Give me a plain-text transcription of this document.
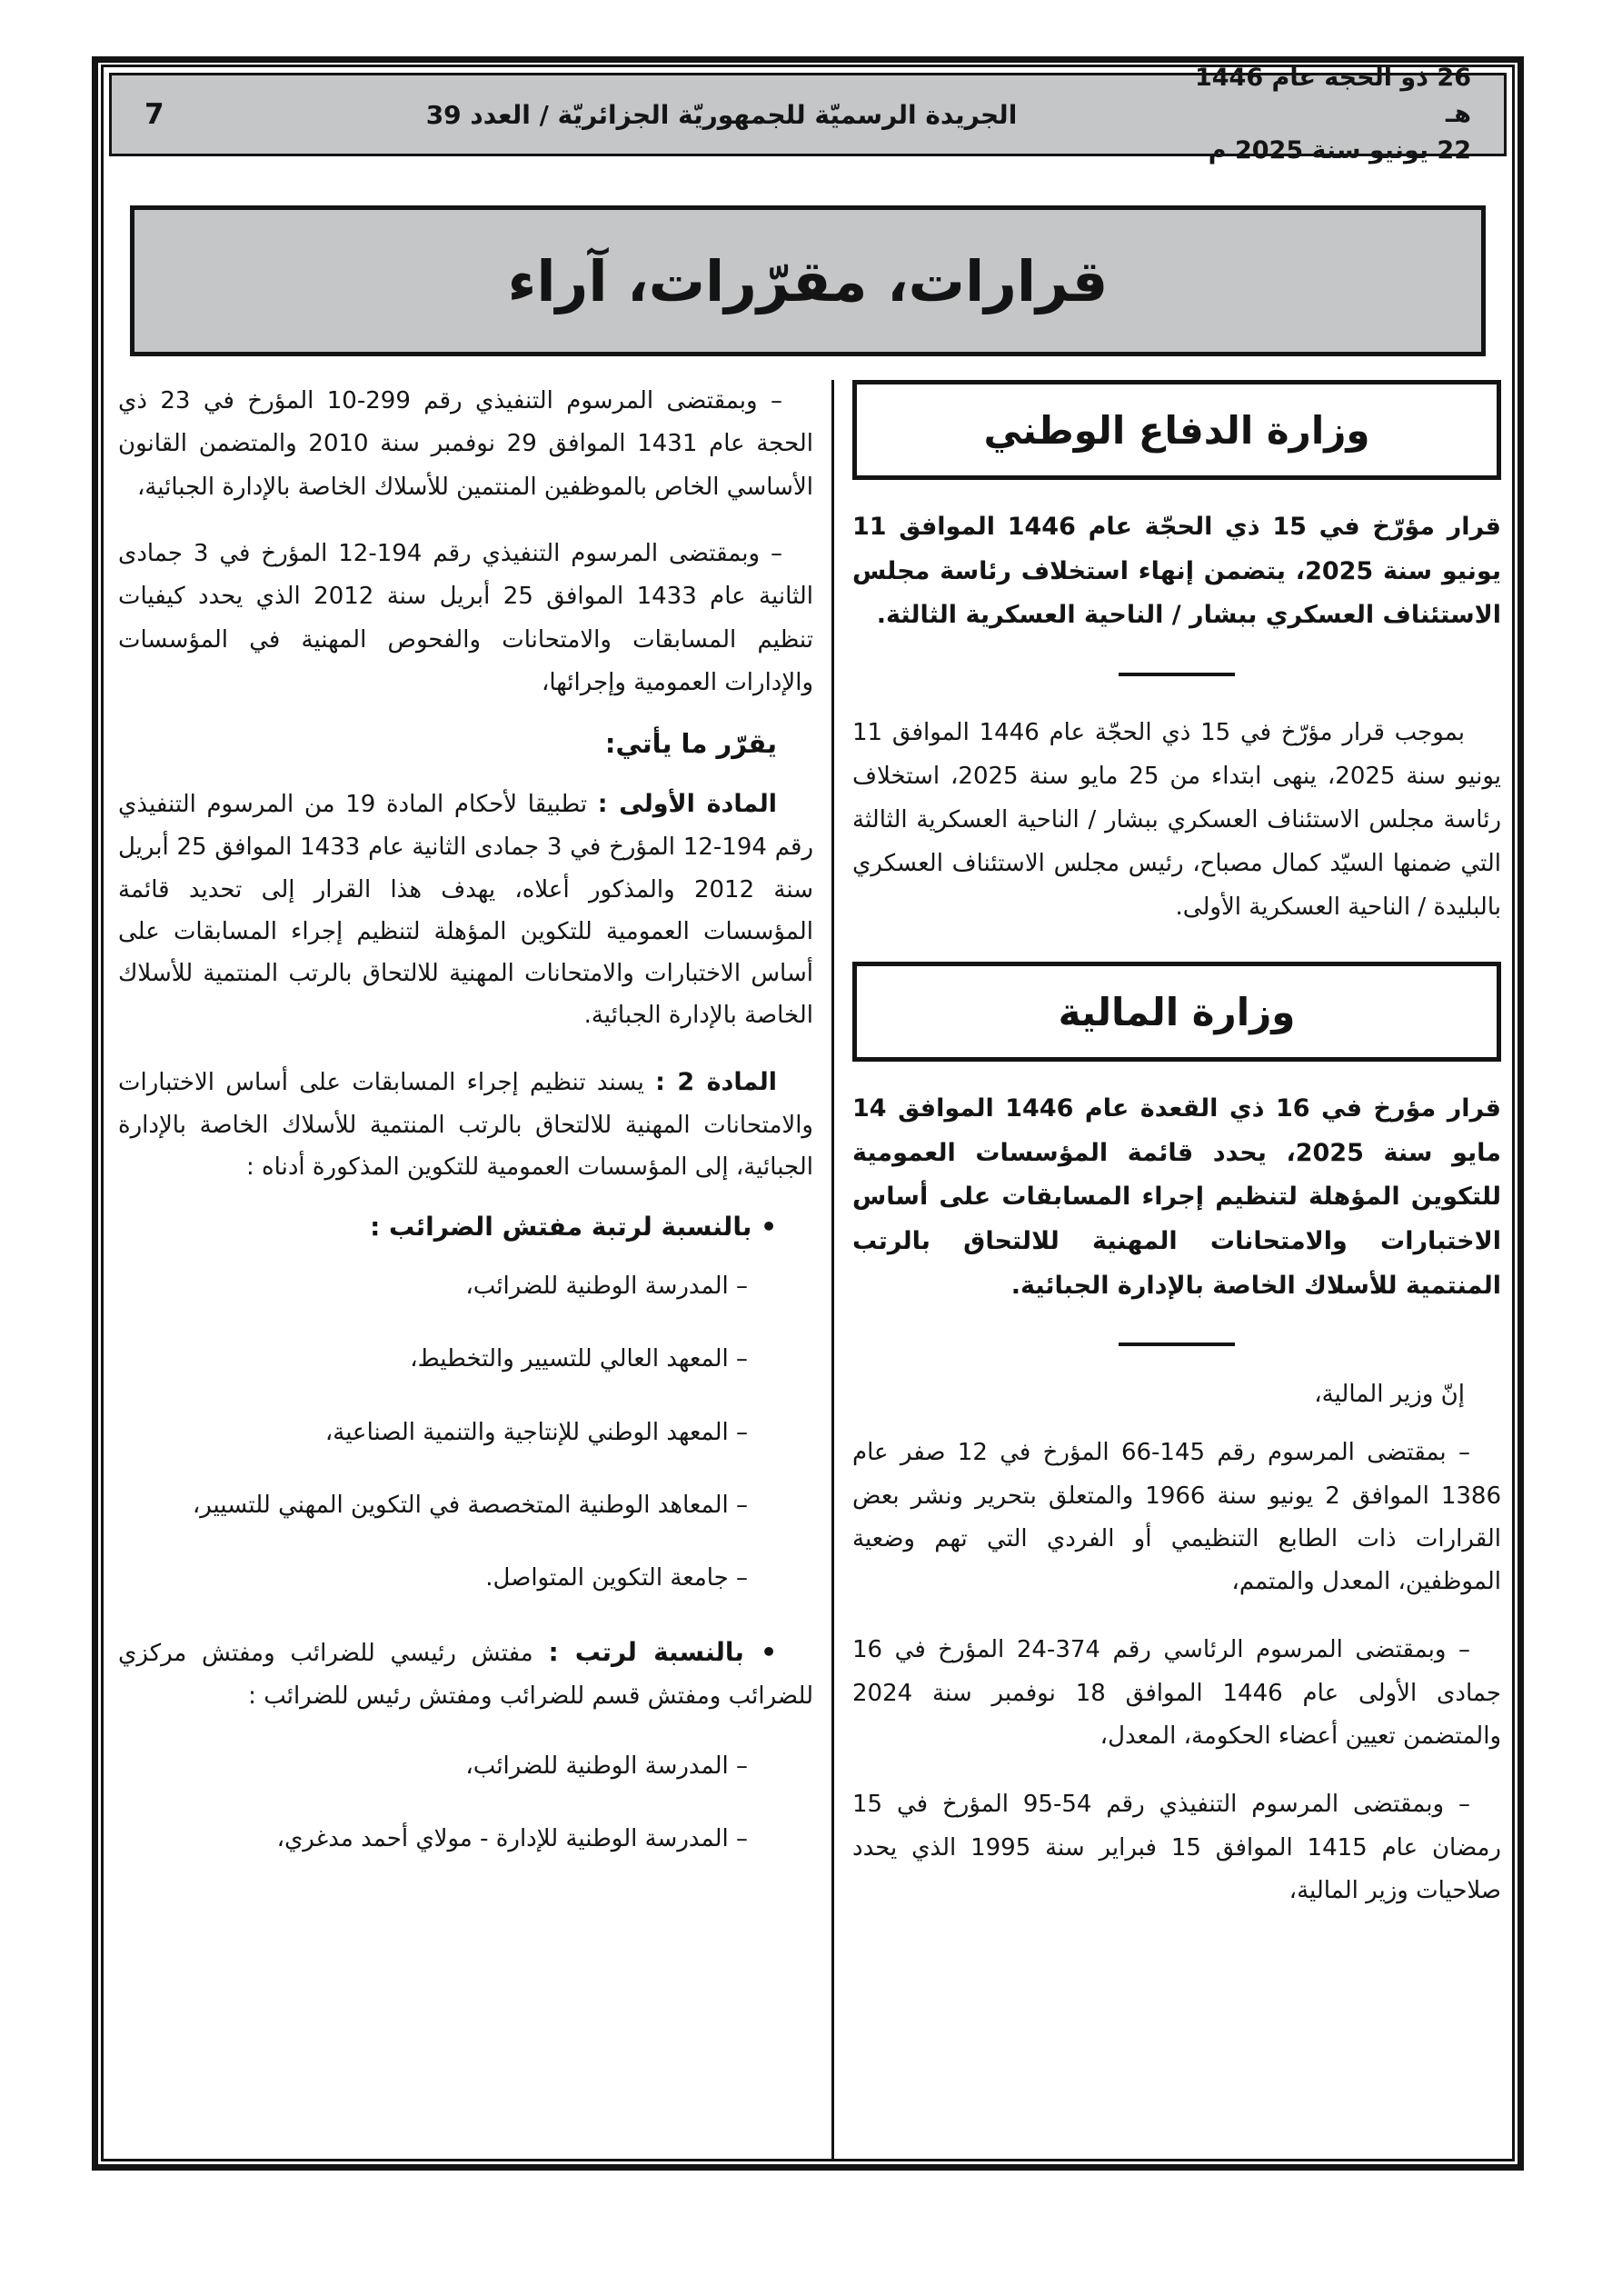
7	الجريدة الرسميّة للجمهوريّة الجزائريّة / العدد 39
26 ذو الحجة عام 1446 هـ
22 يونيو سنة 2025 م
قرارات، مقرّرات، آراء
وزارة الدفاع الوطني

قرار مؤرّخ في 15 ذي الحجّة عام 1446 الموافق 11 يونيو سنة 2025، يتضمن إنهاء استخلاف رئاسة مجلس الاستئناف العسكري ببشار / الناحية العسكرية الثالثة.

بموجب قرار مؤرّخ في 15 ذي الحجّة عام 1446 الموافق 11 يونيو سنة 2025، ينهى ابتداء من 25 مايو سنة 2025، استخلاف رئاسة مجلس الاستئناف العسكري ببشار / الناحية العسكرية الثالثة التي ضمنها السيّد كمال مصباح، رئيس مجلس الاستئناف العسكري بالبليدة / الناحية العسكرية الأولى.

وزارة المالية

قرار مؤرخ في 16 ذي القعدة عام 1446 الموافق 14 مايو سنة 2025، يحدد قائمة المؤسسات العمومية للتكوين المؤهلة لتنظيم إجراء المسابقات على أساس الاختبارات والامتحانات المهنية للالتحاق بالرتب المنتمية للأسلاك الخاصة بالإدارة الجبائية.

إنّ وزير المالية،

– بمقتضى المرسوم رقم 145-66 المؤرخ في 12 صفر عام 1386 الموافق 2 يونيو سنة 1966 والمتعلق بتحرير ونشر بعض القرارات ذات الطابع التنظيمي أو الفردي التي تهم وضعية الموظفين، المعدل والمتمم،

– وبمقتضى المرسوم الرئاسي رقم 374-24 المؤرخ في 16 جمادى الأولى عام 1446 الموافق 18 نوفمبر سنة 2024 والمتضمن تعيين أعضاء الحكومة، المعدل،

– وبمقتضى المرسوم التنفيذي رقم 54-95 المؤرخ في 15 رمضان عام 1415 الموافق 15 فبراير سنة 1995 الذي يحدد صلاحيات وزير المالية،

– وبمقتضى المرسوم التنفيذي رقم 299-10 المؤرخ في 23 ذي الحجة عام 1431 الموافق 29 نوفمبر سنة 2010 والمتضمن القانون الأساسي الخاص بالموظفين المنتمين للأسلاك الخاصة بالإدارة الجبائية،

– وبمقتضى المرسوم التنفيذي رقم 194-12 المؤرخ في 3 جمادى الثانية عام 1433 الموافق 25 أبريل سنة 2012 الذي يحدد كيفيات تنظيم المسابقات والامتحانات والفحوص المهنية في المؤسسات والإدارات العمومية وإجرائها،

يقرّر ما يأتي:

المادة الأولى : تطبيقا لأحكام المادة 19 من المرسوم التنفيذي رقم 194-12 المؤرخ في 3 جمادى الثانية عام 1433 الموافق 25 أبريل سنة 2012 والمذكور أعلاه، يهدف هذا القرار إلى تحديد قائمة المؤسسات العمومية للتكوين المؤهلة لتنظيم إجراء المسابقات على أساس الاختبارات والامتحانات المهنية للالتحاق بالرتب المنتمية للأسلاك الخاصة بالإدارة الجبائية.

المادة 2 : يسند تنظيم إجراء المسابقات على أساس الاختبارات والامتحانات المهنية للالتحاق بالرتب المنتمية للأسلاك الخاصة بالإدارة الجبائية، إلى المؤسسات العمومية للتكوين المذكورة أدناه :

• بالنسبة لرتبة مفتش الضرائب :

– المدرسة الوطنية للضرائب،

– المعهد العالي للتسيير والتخطيط،

– المعهد الوطني للإنتاجية والتنمية الصناعية،

– المعاهد الوطنية المتخصصة في التكوين المهني للتسيير،

– جامعة التكوين المتواصل.

• بالنسبة لرتب : مفتش رئيسي للضرائب ومفتش مركزي للضرائب ومفتش قسم للضرائب ومفتش رئيس للضرائب :

– المدرسة الوطنية للضرائب،

– المدرسة الوطنية للإدارة - مولاي أحمد مدغري،
